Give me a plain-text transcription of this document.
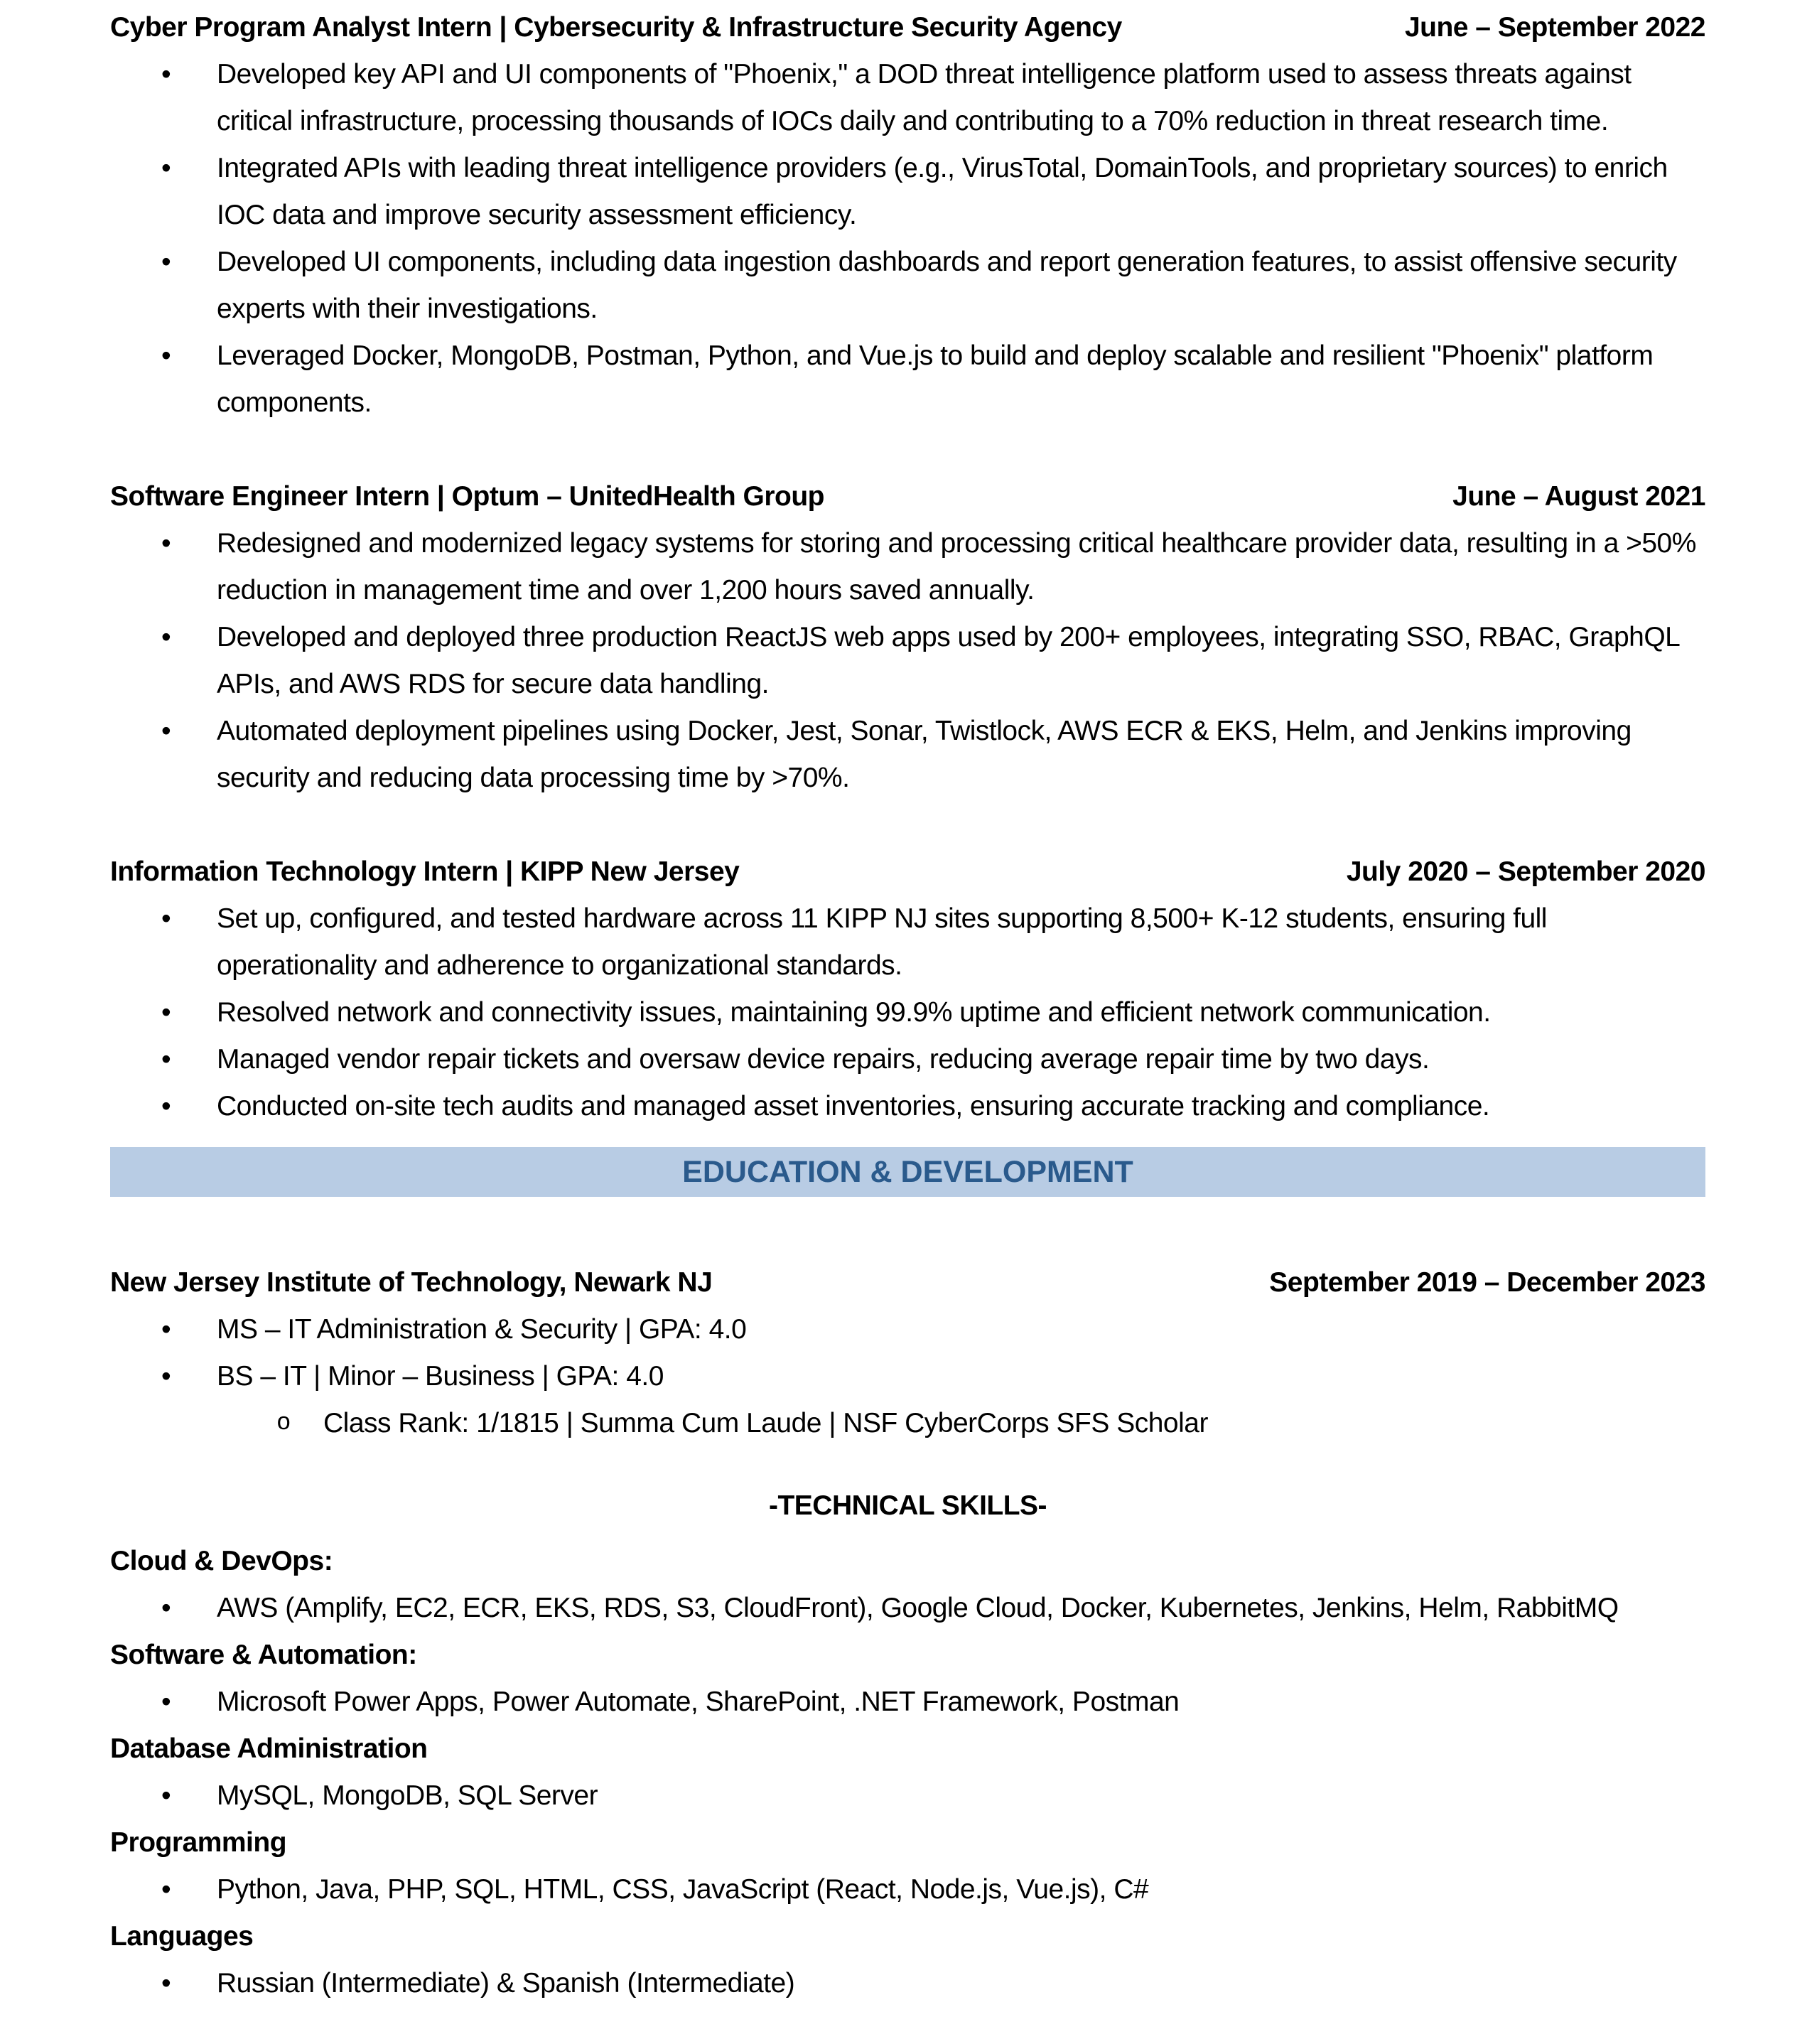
Cyber Program Analyst Intern | Cybersecurity & Infrastructure Security Agency	June – September 2022
•	Developed key API and UI components of "Phoenix," a DOD threat intelligence platform used to assess threats against critical infrastructure, processing thousands of IOCs daily and contributing to a 70% reduction in threat research time.
•	Integrated APIs with leading threat intelligence providers (e.g., VirusTotal, DomainTools, and proprietary sources) to enrich IOC data and improve security assessment efficiency.
•	Developed UI components, including data ingestion dashboards and report generation features, to assist offensive security experts with their investigations.
•	Leveraged Docker, MongoDB, Postman, Python, and Vue.js to build and deploy scalable and resilient "Phoenix" platform components.
Software Engineer Intern | Optum – UnitedHealth Group	June – August 2021
•	Redesigned and modernized legacy systems for storing and processing critical healthcare provider data, resulting in a >50% reduction in management time and over 1,200 hours saved annually.
•	Developed and deployed three production ReactJS web apps used by 200+ employees, integrating SSO, RBAC, GraphQL APIs, and AWS RDS for secure data handling.
•	Automated deployment pipelines using Docker, Jest, Sonar, Twistlock, AWS ECR & EKS, Helm, and Jenkins improving security and reducing data processing time by >70%.
Information Technology Intern | KIPP New Jersey	July 2020 – September 2020
•	Set up, configured, and tested hardware across 11 KIPP NJ sites supporting 8,500+ K-12 students, ensuring full operationality and adherence to organizational standards.
•	Resolved network and connectivity issues, maintaining 99.9% uptime and efficient network communication.
•	Managed vendor repair tickets and oversaw device repairs, reducing average repair time by two days.
•	Conducted on-site tech audits and managed asset inventories, ensuring accurate tracking and compliance.
EDUCATION & DEVELOPMENT
New Jersey Institute of Technology, Newark NJ	September 2019 – December 2023
•	MS – IT Administration & Security | GPA: 4.0
•	BS – IT | Minor – Business | GPA: 4.0
o	Class Rank: 1/1815 | Summa Cum Laude | NSF CyberCorps SFS Scholar
-TECHNICAL SKILLS-
Cloud & DevOps:
•	AWS (Amplify, EC2, ECR, EKS, RDS, S3, CloudFront), Google Cloud, Docker, Kubernetes, Jenkins, Helm, RabbitMQ
Software & Automation:
•	Microsoft Power Apps, Power Automate, SharePoint, .NET Framework, Postman
Database Administration
•	MySQL, MongoDB, SQL Server
Programming
•	Python, Java, PHP, SQL, HTML, CSS, JavaScript (React, Node.js, Vue.js), C#
Languages
•	Russian (Intermediate) & Spanish (Intermediate)
